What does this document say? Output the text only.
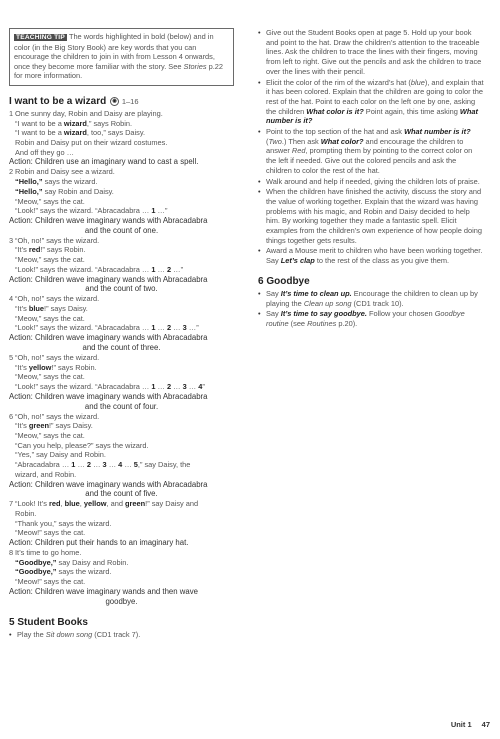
TEACHING TIP The words highlighted in bold (below) and in color (in the Big Story Book) are key words that you can encourage the children to join in with from Lesson 4 onwards, once they become more familiar with the story. See Stories p.22 for more information.
I want to be a wizard ◉ 1–16
1 One sunny day, Robin and Daisy are playing.
“I want to be a wizard,” says Robin.
“I want to be a wizard, too,” says Daisy.
Robin and Daisy put on their wizard costumes.
And off they go …
Action: Children use an imaginary wand to cast a spell.
2 Robin and Daisy see a wizard.
“Hello,” says the wizard.
“Hello,” say Robin and Daisy.
“Meow,” says the cat.
“Look!” says the wizard. “Abracadabra … 1 …”
Action: Children wave imaginary wands with Abracadabra
and the count of one.
3 “Oh, no!” says the wizard.
“It’s red!” says Robin.
“Meow,” says the cat.
“Look!” says the wizard. “Abracadabra … 1 … 2 …”
Action: Children wave imaginary wands with Abracadabra
and the count of two.
4 “Oh, no!” says the wizard.
“It’s blue!” says Daisy.
“Meow,” says the cat.
“Look!” says the wizard. “Abracadabra … 1 … 2 … 3 …”
Action: Children wave imaginary wands with Abracadabra
and the count of three.
5 “Oh, no!” says the wizard.
“It’s yellow!” says Robin.
“Meow,” says the cat.
“Look!” says the wizard. “Abracadabra … 1 … 2 … 3 … 4”
Action: Children wave imaginary wands with Abracadabra
and the count of four.
6 “Oh, no!” says the wizard.
“It’s green!” says Daisy.
“Meow,” says the cat.
“Can you help, please?” says the wizard.
“Yes,” say Daisy and Robin.
“Abracadabra … 1 … 2 … 3 … 4 … 5,” say Daisy, the
wizard, and Robin.
Action: Children wave imaginary wands with Abracadabra
and the count of five.
7 “Look! It’s red, blue, yellow, and green!” say Daisy and
Robin.
“Thank you,” says the wizard.
“Meow!” says the cat.
Action: Children put their hands to an imaginary hat.
8 It’s time to go home.
“Goodbye,” say Daisy and Robin.
“Goodbye,” says the wizard.
“Meow!” says the cat.
Action: Children wave imaginary wands and then wave
goodbye.
5 Student Books
• Play the Sit down song (CD1 track 7).
• Give out the Student Books open at page 5. Hold up your book and point to the hat. Draw the children’s attention to the traceable lines. Ask the children to trace the lines with their fingers, moving from left to right. Give out the pencils and ask the children to trace over the lines with their pencil.
• Elicit the color of the rim of the wizard’s hat (blue), and explain that it has been colored. Explain that the children are going to color the rest of the hat. Point to each color on the left one by one, asking the children What color is it? Point again, this time asking What number is it?
• Point to the top section of the hat and ask What number is it? (Two.) Then ask What color? and encourage the children to answer Red, prompting them by pointing to the correct color on the left if needed. Give out the colored pencils and ask the children to color the rest of the hat.
• Walk around and help if needed, giving the children lots of praise.
• When the children have finished the activity, discuss the story and the value of working together. Explain that the wizard was having problems with his magic, and Robin and Daisy decided to help him. By working together they made a fantastic spell. Elicit examples from the children’s own experience of how people doing things together gets results.
• Award a Mouse merit to children who have been working together. Say Let’s clap to the rest of the class as you give them.
6 Goodbye
• Say It’s time to clean up. Encourage the children to clean up by playing the Clean up song (CD1 track 10).
• Say It’s time to say goodbye. Follow your chosen Goodbye routine (see Routines p.20).
Unit 1 47
